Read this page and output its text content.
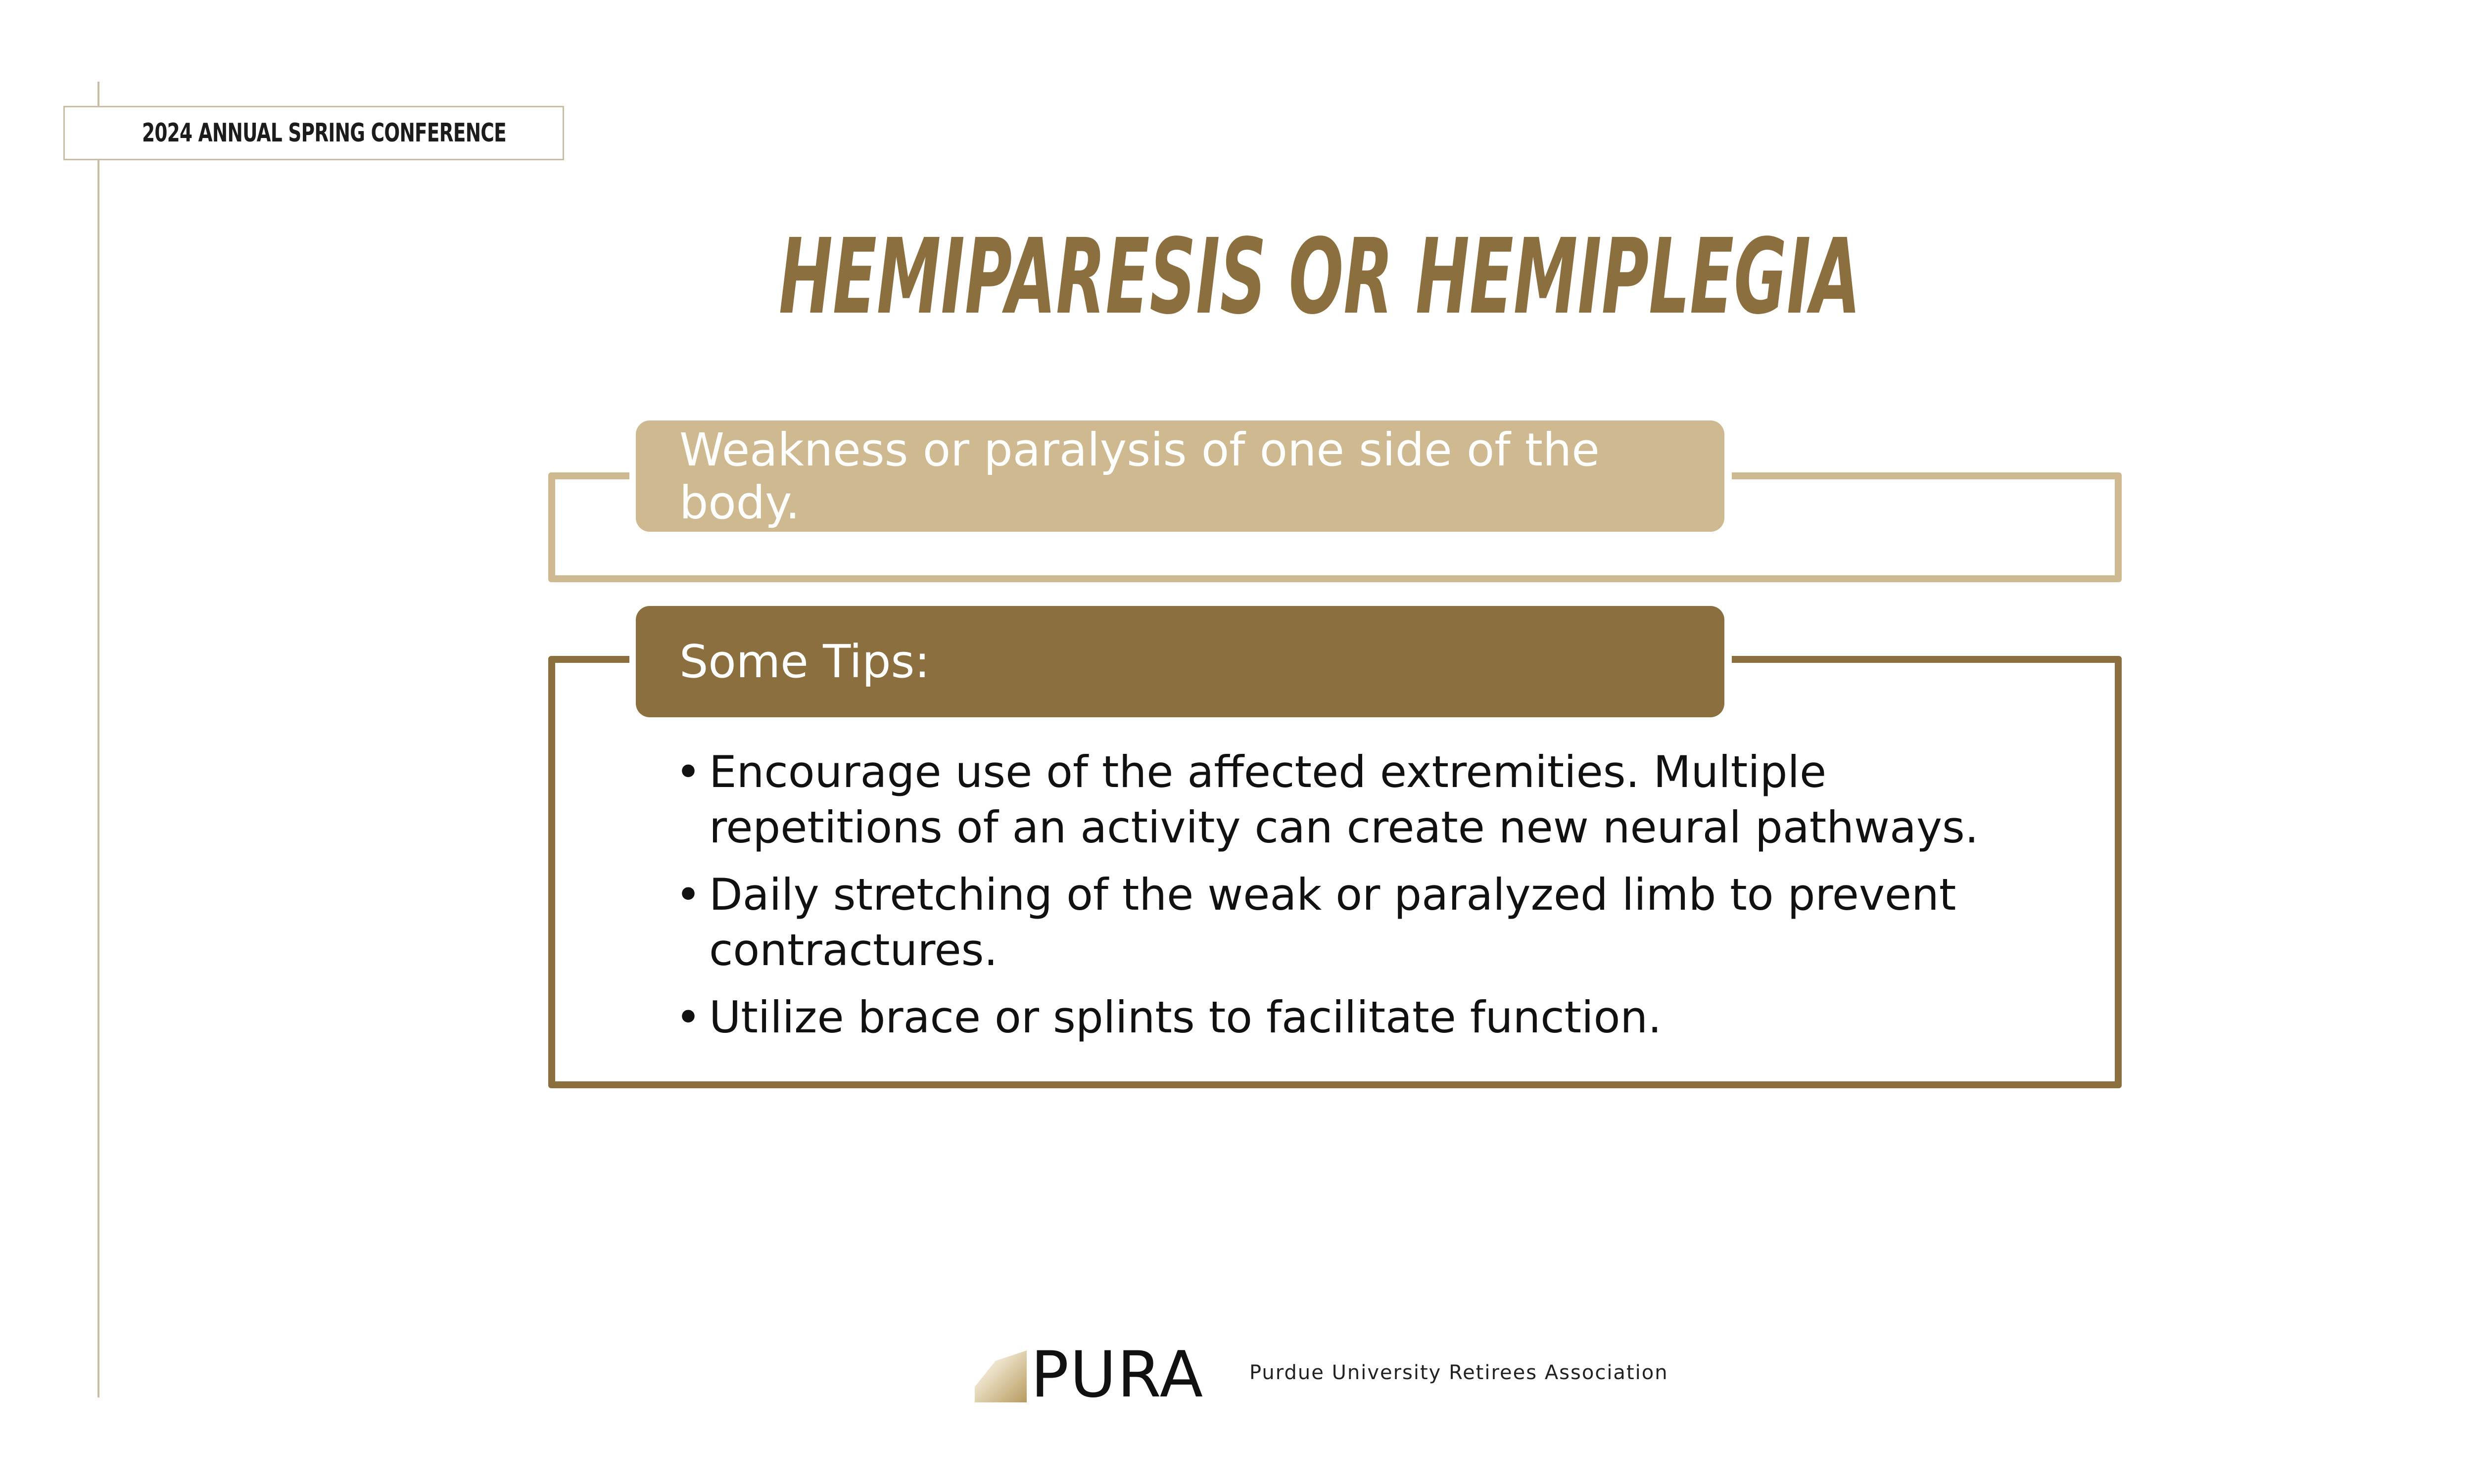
2024 ANNUAL SPRING CONFERENCE
HEMIPARESIS OR HEMIPLEGIA
Weakness or paralysis of one side of the body.
Some Tips:
• Encourage use of the affected extremities. Multiple repetitions of an activity can create new neural pathways.
• Daily stretching of the weak or paralyzed limb to prevent contractures.
• Utilize brace or splints to facilitate function.
PURA Purdue University Retirees Association
